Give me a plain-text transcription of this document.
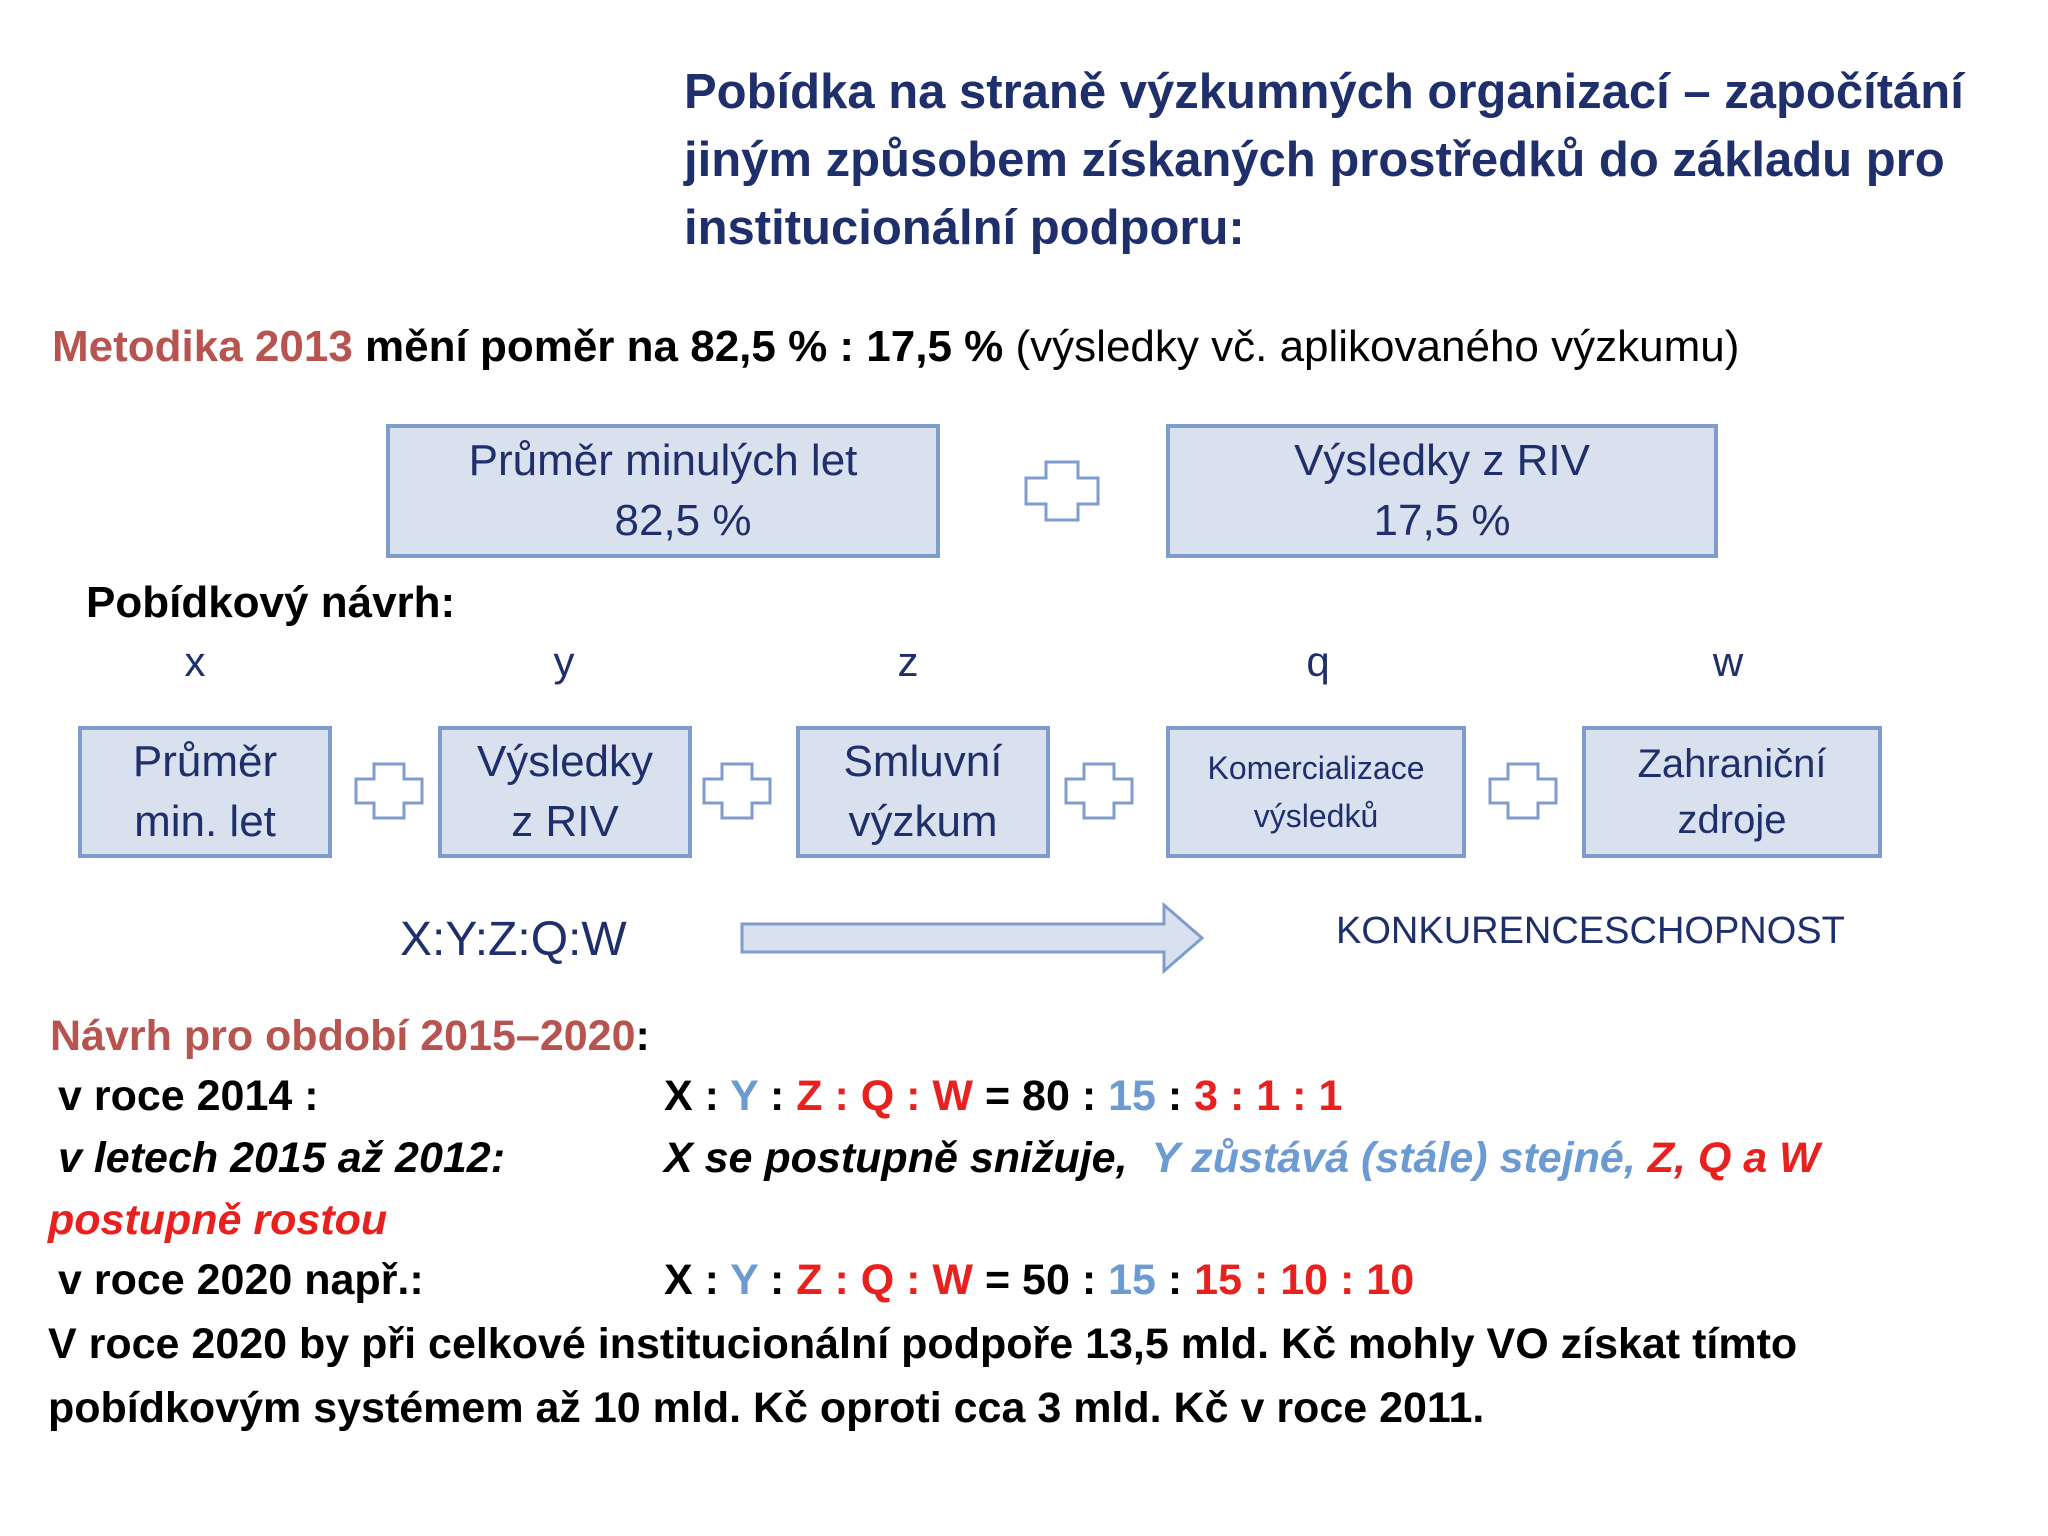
Pobídka na straně výzkumných organizací – započítání jiným způsobem získaných prostředků do základu pro institucionální podporu:
Metodika 2013 mění poměr na 82,5 % : 17,5 % (výsledky vč. aplikovaného výzkumu)
Průměr minulých let
82,5 %
Výsledky z RIV
17,5 %
Pobídkový návrh:
x	y	z	q	w
Průměr
min. let
Výsledky
z RIV
Smluvní
výzkum
Komercializace
výsledků
Zahraniční
zdroje
X:Y:Z:Q:W	KONKURENCESCHOPNOST
Návrh pro období 2015–2020:
v roce 2014 :	X : Y : Z : Q : W = 80 : 15 : 3 : 1 : 1
v letech 2015 až 2012:	X se postupně snižuje, Y zůstává (stále) stejné, Z, Q a W
postupně rostou
v roce 2020 např.:	X : Y : Z : Q : W = 50 : 15 : 15 : 10 : 10
V roce 2020 by při celkové institucionální podpoře 13,5 mld. Kč mohly VO získat tímto pobídkovým systémem až 10 mld. Kč oproti cca 3 mld. Kč v roce 2011.
